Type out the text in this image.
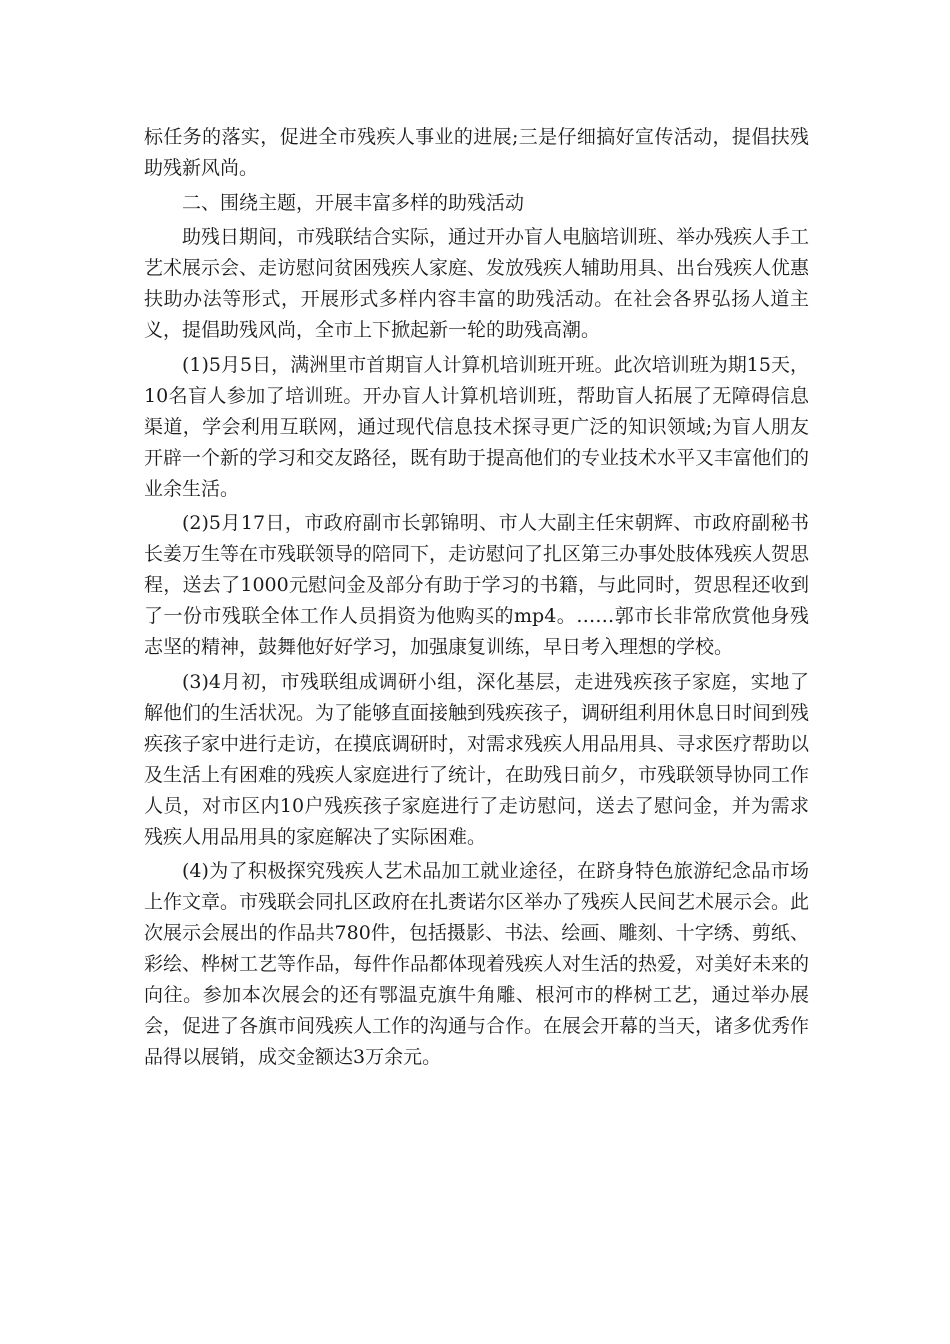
标任务的落实，促进全市残疾人事业的进展;三是仔细搞好宣传活动，提倡扶残助残新风尚。

二、围绕主题，开展丰富多样的助残活动

助残日期间，市残联结合实际，通过开办盲人电脑培训班、举办残疾人手工艺术展示会、走访慰问贫困残疾人家庭、发放残疾人辅助用具、出台残疾人优惠扶助办法等形式，开展形式多样内容丰富的助残活动。在社会各界弘扬人道主义，提倡助残风尚，全市上下掀起新一轮的助残高潮。

(1)5月5日，满洲里市首期盲人计算机培训班开班。此次培训班为期15天，10名盲人参加了培训班。开办盲人计算机培训班，帮助盲人拓展了无障碍信息渠道，学会利用互联网，通过现代信息技术探寻更广泛的知识领域;为盲人朋友开辟一个新的学习和交友路径，既有助于提高他们的专业技术水平又丰富他们的业余生活。

(2)5月17日，市政府副市长郭锦明、市人大副主任宋朝辉、市政府副秘书长姜万生等在市残联领导的陪同下，走访慰问了扎区第三办事处肢体残疾人贺思程，送去了1000元慰问金及部分有助于学习的书籍，与此同时，贺思程还收到了一份市残联全体工作人员捐资为他购买的mp4。……郭市长非常欣赏他身残志坚的精神，鼓舞他好好学习，加强康复训练，早日考入理想的学校。

(3)4月初，市残联组成调研小组，深化基层，走进残疾孩子家庭，实地了解他们的生活状况。为了能够直面接触到残疾孩子，调研组利用休息日时间到残疾孩子家中进行走访，在摸底调研时，对需求残疾人用品用具、寻求医疗帮助以及生活上有困难的残疾人家庭进行了统计，在助残日前夕，市残联领导协同工作人员，对市区内10户残疾孩子家庭进行了走访慰问，送去了慰问金，并为需求残疾人用品用具的家庭解决了实际困难。

(4)为了积极探究残疾人艺术品加工就业途径，在跻身特色旅游纪念品市场上作文章。市残联会同扎区政府在扎赉诺尔区举办了残疾人民间艺术展示会。此次展示会展出的作品共780件，包括摄影、书法、绘画、雕刻、十字绣、剪纸、彩绘、桦树工艺等作品，每件作品都体现着残疾人对生活的热爱，对美好未来的向往。参加本次展会的还有鄂温克旗牛角雕、根河市的桦树工艺，通过举办展会，促进了各旗市间残疾人工作的沟通与合作。在展会开幕的当天，诸多优秀作品得以展销，成交金额达3万余元。
